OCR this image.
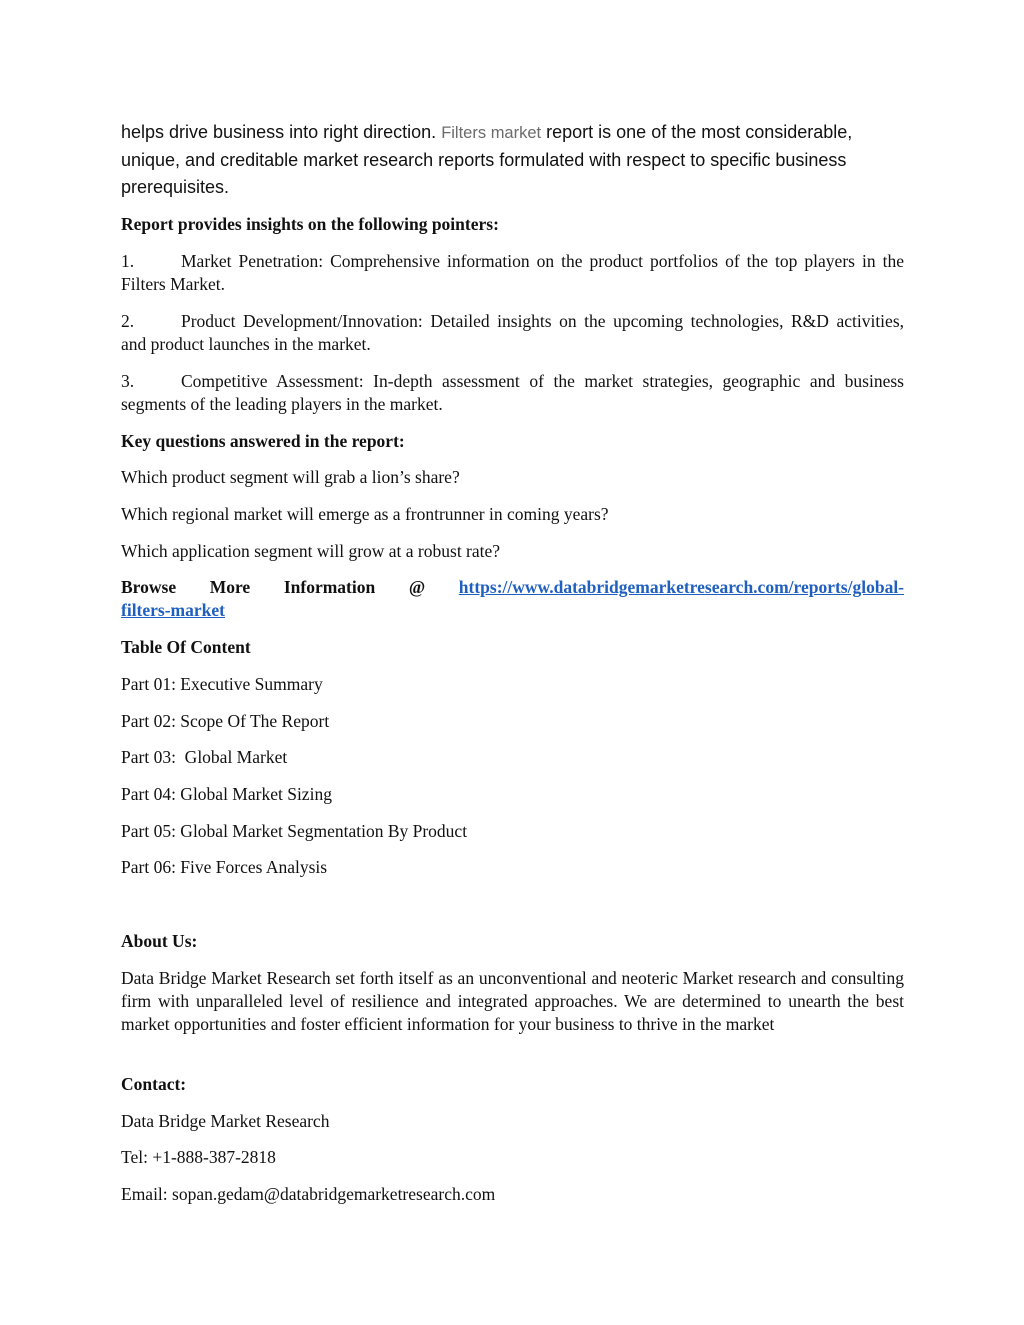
helps drive business into right direction. Filters market report is one of the most considerable, unique, and creditable market research reports formulated with respect to specific business prerequisites.
Report provides insights on the following pointers:
1.	Market Penetration: Comprehensive information on the product portfolios of the top players in the Filters Market.
2.	Product Development/Innovation: Detailed insights on the upcoming technologies, R&D activities, and product launches in the market.
3.	Competitive Assessment: In-depth assessment of the market strategies, geographic and business segments of the leading players in the market.
Key questions answered in the report:
Which product segment will grab a lion’s share?
Which regional market will emerge as a frontrunner in coming years?
Which application segment will grow at a robust rate?
Browse More Information @ https://www.databridgemarketresearch.com/reports/global-
filters-market
Table Of Content
Part 01: Executive Summary
Part 02: Scope Of The Report
Part 03:  Global Market
Part 04: Global Market Sizing
Part 05: Global Market Segmentation By Product
Part 06: Five Forces Analysis
About Us:
Data Bridge Market Research set forth itself as an unconventional and neoteric Market research and consulting firm with unparalleled level of resilience and integrated approaches. We are determined to unearth the best market opportunities and foster efficient information for your business to thrive in the market
Contact:
Data Bridge Market Research
Tel: +1-888-387-2818
Email: sopan.gedam@databridgemarketresearch.com
